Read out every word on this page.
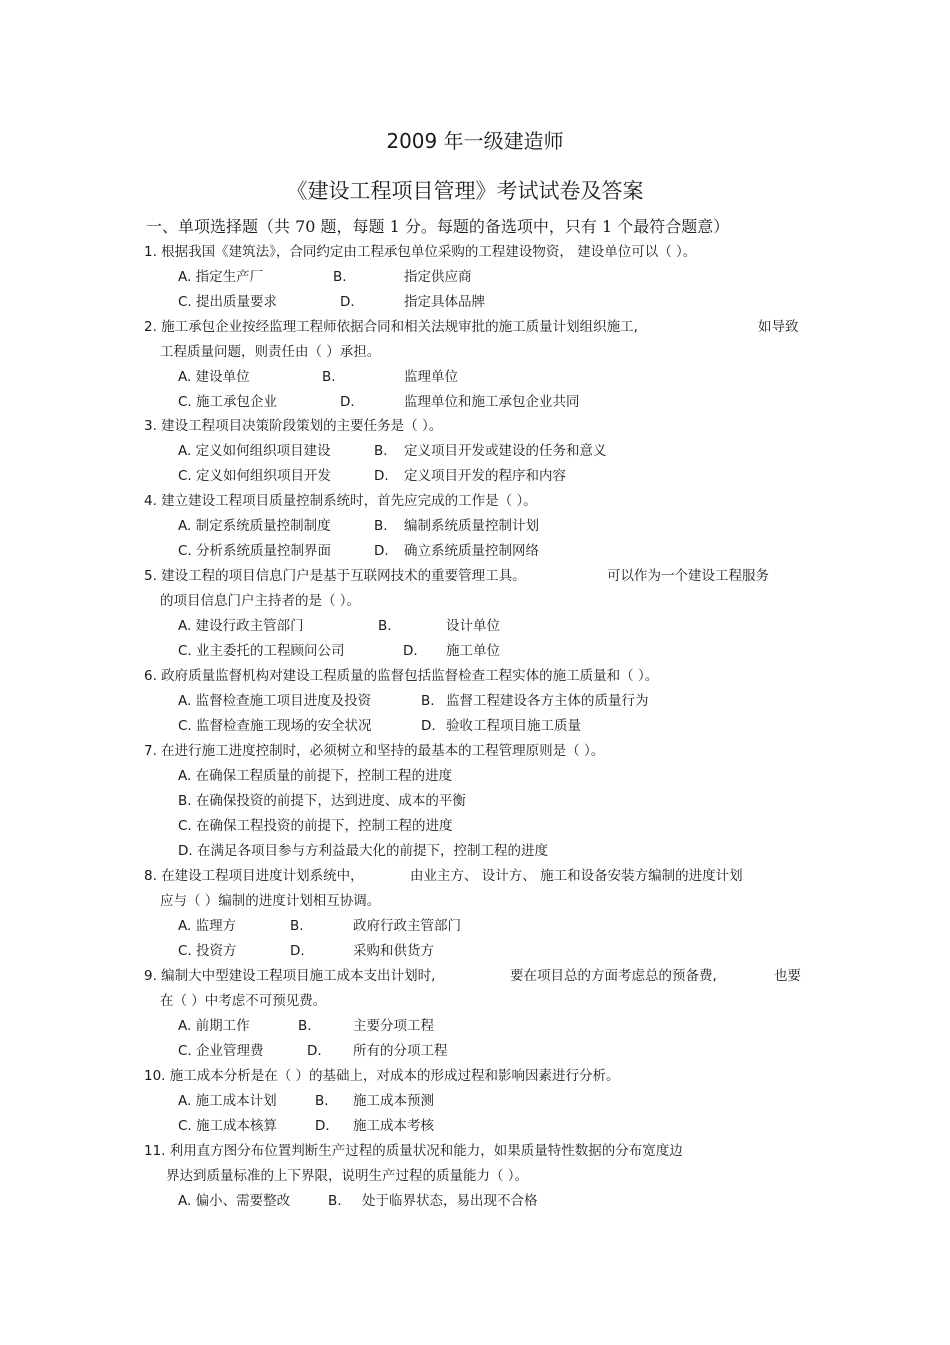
2009 年一级建造师
《建设工程项目管理》考试试卷及答案
一、单项选择题（共 70 题，每题 1 分。每题的备选项中，只有 1 个最符合题意）
1. 根据我国《建筑法》，合同约定由工程承包单位采购的工程建设物资， 建设单位可以（ ）。
A. 指定生产厂	B.	指定供应商
C. 提出质量要求	D.	指定具体品牌
2. 施工承包企业按经监理工程师依据合同和相关法规审批的施工质量计划组织施工,	如导致
工程质量问题，则责任由（ ）承担。
A. 建设单位	B.	监理单位
C. 施工承包企业	D.	监理单位和施工承包企业共同
3. 建设工程项目决策阶段策划的主要任务是（ ）。
A. 定义如何组织项目建设	B. 定义项目开发或建设的任务和意义
C. 定义如何组织项目开发	D. 定义项目开发的程序和内容
4. 建立建设工程项目质量控制系统时，首先应完成的工作是（ ）。
A. 制定系统质量控制制度	B. 编制系统质量控制计划
C. 分析系统质量控制界面	D. 确立系统质量控制网络
5. 建设工程的项目信息门户是基于互联网技术的重要管理工具。	可以作为一个建设工程服务
的项目信息门户主持者的是（ ）。
A. 建设行政主管部门	B.	设计单位
C. 业主委托的工程顾问公司	D. 施工单位
6. 政府质量监督机构对建设工程质量的监督包括监督检查工程实体的施工质量和（ ）。
A. 监督检查施工项目进度及投资	B. 监督工程建设各方主体的质量行为
C. 监督检查施工现场的安全状况	D. 验收工程项目施工质量
7. 在进行施工进度控制时，必须树立和坚持的最基本的工程管理原则是（ ）。
A. 在确保工程质量的前提下，控制工程的进度
B. 在确保投资的前提下，达到进度、成本的平衡
C. 在确保工程投资的前提下，控制工程的进度
D. 在满足各项目参与方利益最大化的前提下，控制工程的进度
8. 在建设工程项目进度计划系统中，	由业主方、 设计方、 施工和设备安装方编制的进度计划
应与（ ）编制的进度计划相互协调。
A. 监理方	B.	政府行政主管部门
C. 投资方	D.	采购和供货方
9. 编制大中型建设工程项目施工成本支出计划时,	要在项目总的方面考虑总的预备费,	也要
在（ ）中考虑不可预见费。
A. 前期工作	B.	主要分项工程
C. 企业管理费	D. 所有的分项工程
10. 施工成本分析是在（ ）的基础上，对成本的形成过程和影响因素进行分析。
A. 施工成本计划	B. 施工成本预测
C. 施工成本核算	D. 施工成本考核
11. 利用直方图分布位置判断生产过程的质量状况和能力，如果质量特性数据的分布宽度边
界达到质量标准的上下界限，说明生产过程的质量能力（ ）。
A. 偏小、需要整改	B. 处于临界状态，易出现不合格
